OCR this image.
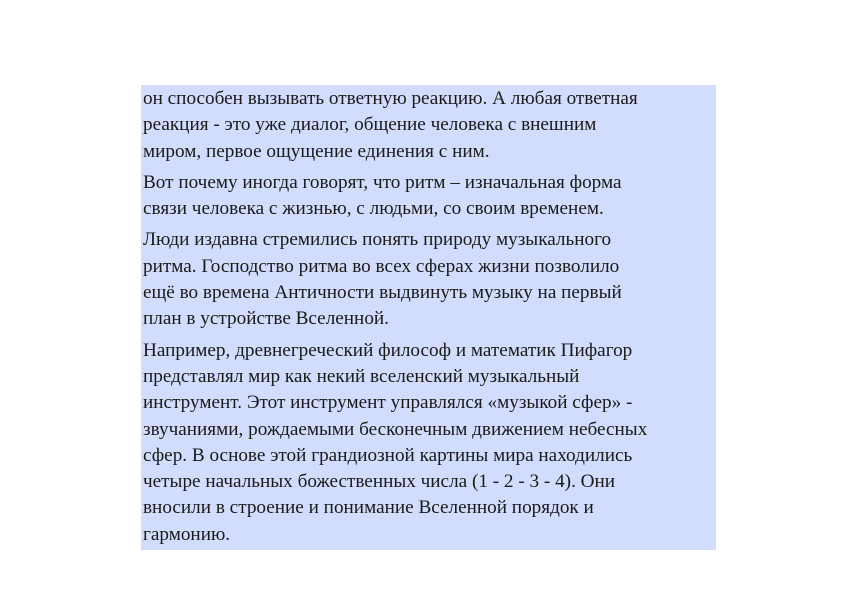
он способен вызывать ответную реакцию. А любая ответная
реакция - это уже диалог, общение человека с внешним
миром, первое ощущение единения с ним.

Вот почему иногда говорят, что ритм – изначальная форма
связи человека с жизнью, с людьми, со своим временем.

Люди издавна стремились понять природу музыкального
ритма. Господство ритма во всех сферах жизни позволило
ещё во времена Античности выдвинуть музыку на первый
план в устройстве Вселенной.

Например, древнегреческий философ и математик Пифагор
представлял мир как некий вселенский музыкальный
инструмент. Этот инструмент управлялся «музыкой сфер» -
звучаниями, рождаемыми бесконечным движением небесных
сфер. В основе этой грандиозной картины мира находились
четыре начальных божественных числа (1 - 2 - 3 - 4). Они
вносили в строение и понимание Вселенной порядок и
гармонию.
